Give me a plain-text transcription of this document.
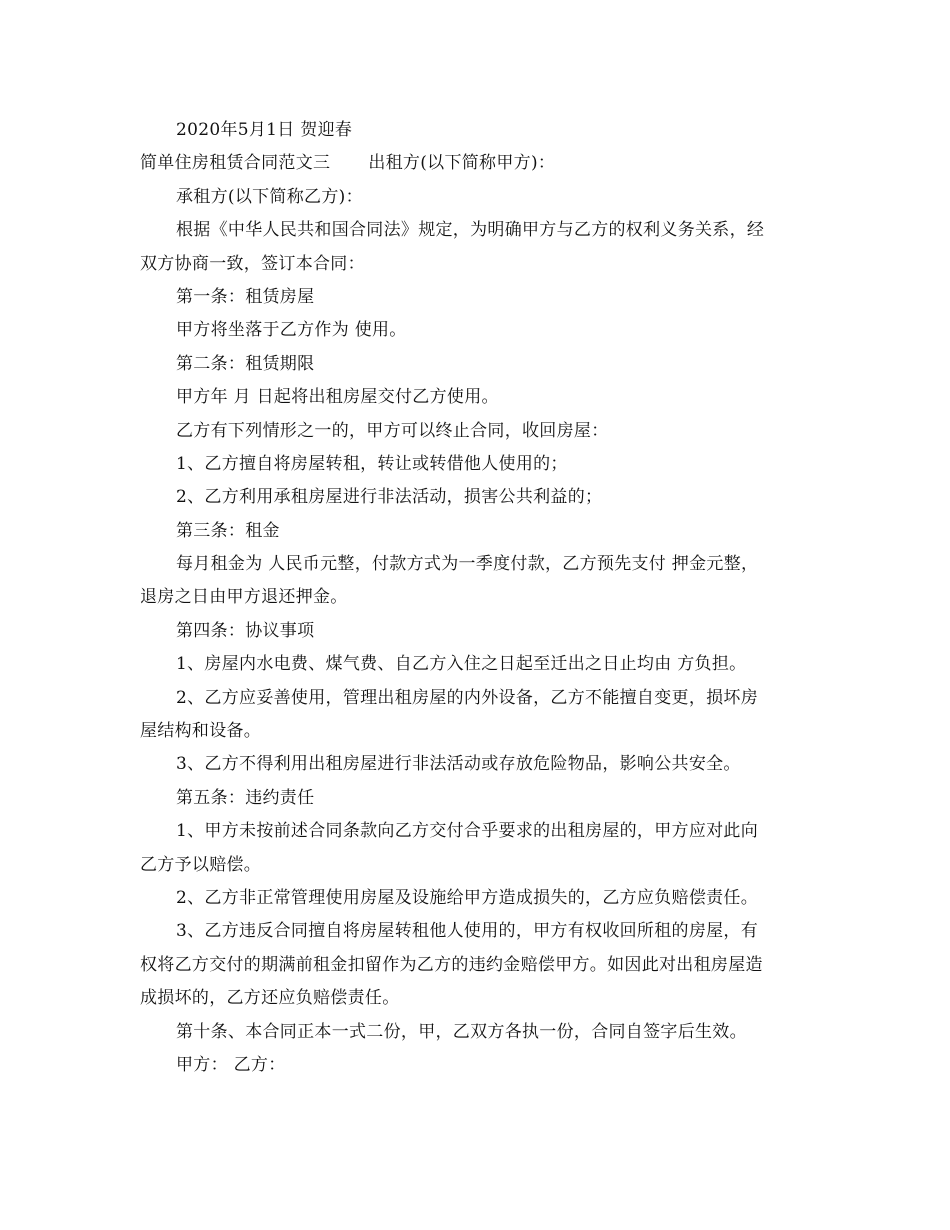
2020年5月1日 贺迎春
简单住房租赁合同范文三 出租方(以下简称甲方)：
承租方(以下简称乙方)：
根据《中华人民共和国合同法》规定，为明确甲方与乙方的权利义务关系，经
双方协商一致，签订本合同：
第一条：租赁房屋
甲方将坐落于乙方作为 使用。
第二条：租赁期限
甲方年 月 日起将出租房屋交付乙方使用。
乙方有下列情形之一的，甲方可以终止合同，收回房屋：
1、乙方擅自将房屋转租，转让或转借他人使用的；
2、乙方利用承租房屋进行非法活动，损害公共利益的；
第三条：租金
每月租金为 人民币元整，付款方式为一季度付款，乙方预先支付 押金元整，
退房之日由甲方退还押金。
第四条：协议事项
1、房屋内水电费、煤气费、自乙方入住之日起至迁出之日止均由 方负担。
2、乙方应妥善使用，管理出租房屋的内外设备，乙方不能擅自变更，损坏房
屋结构和设备。
3、乙方不得利用出租房屋进行非法活动或存放危险物品，影响公共安全。
第五条：违约责任
1、甲方未按前述合同条款向乙方交付合乎要求的出租房屋的，甲方应对此向
乙方予以赔偿。
2、乙方非正常管理使用房屋及设施给甲方造成损失的，乙方应负赔偿责任。
3、乙方违反合同擅自将房屋转租他人使用的，甲方有权收回所租的房屋，有
权将乙方交付的期满前租金扣留作为乙方的违约金赔偿甲方。如因此对出租房屋造
成损坏的，乙方还应负赔偿责任。
第十条、本合同正本一式二份，甲，乙双方各执一份，合同自签字后生效。
甲方： 乙方：
